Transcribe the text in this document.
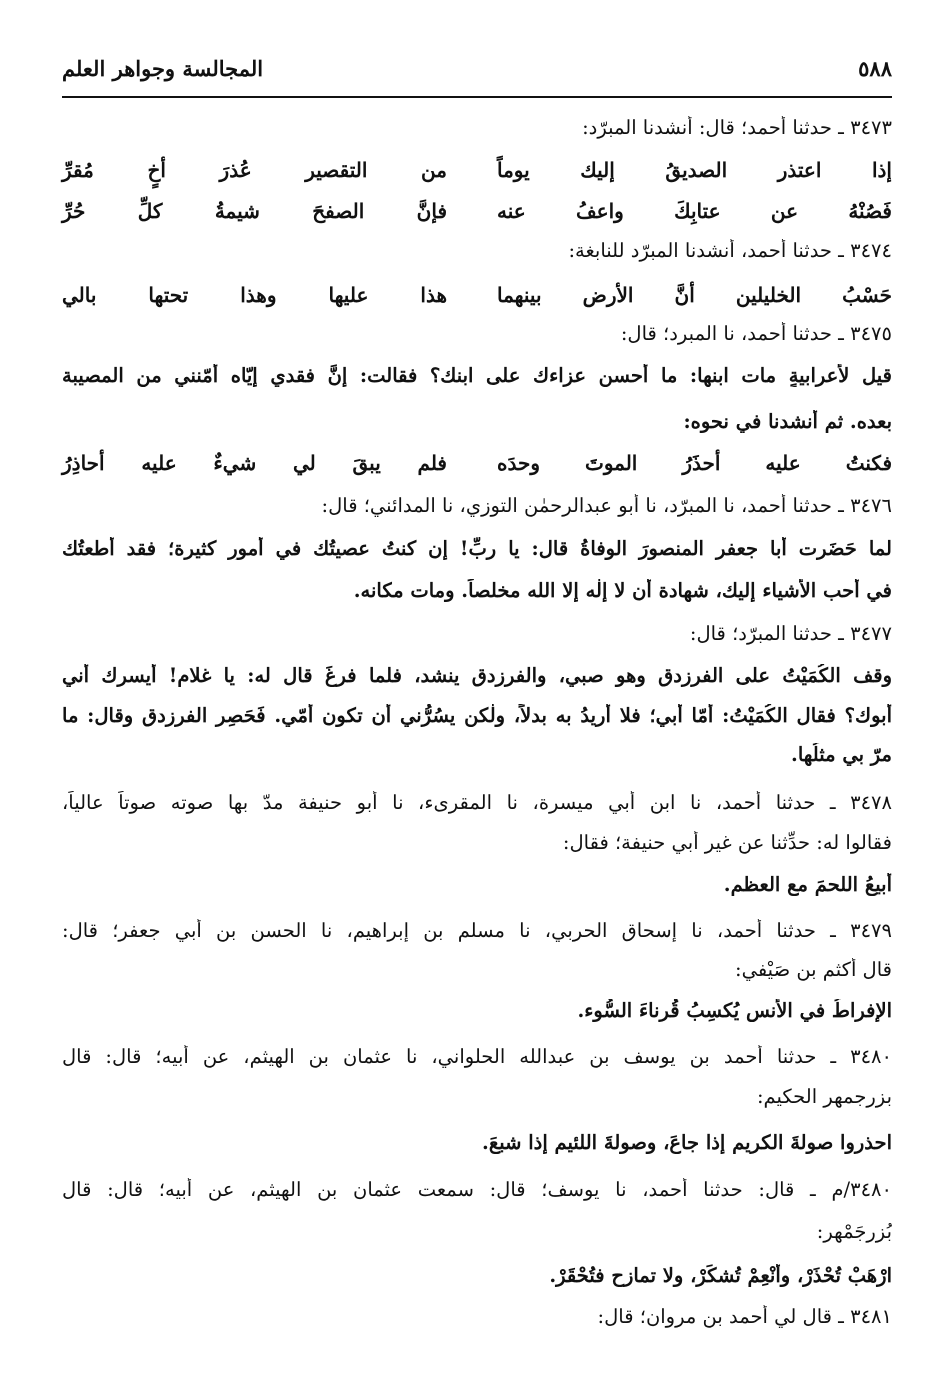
المجالسة وجواهر العلم	٥٨٨
٣٤٧٣ ـ حدثنا أحمد؛ قال: أنشدنا المبرّد:
إذا اعتذر الصديقُ إليك يوماً
من التقصير عُذرَ أخٍ مُقرِّ
فَصُنْهُ عن عتابِكَ واعفُ عنه
فإنَّ الصفحَ شيمةُ كلِّ حُرِّ
٣٤٧٤ ـ حدثنا أحمد، أنشدنا المبرّد للنابغة:
حَسْبُ الخليلين أنَّ الأرض بينهما
هذا عليها وهذا تحتها بالي
٣٤٧٥ ـ حدثنا أحمد، نا المبرد؛ قال:
قيل لأعرابيةٍ مات ابنها: ما أحسن عزاءك على ابنك؟ فقالت: إنَّ فقدي إيّاه أمّنني من المصيبة
بعده. ثم أنشدنا في نحوه:
فكنتُ عليه أحذَرُ الموتَ وحدَه
فلم يبقَ لي شيءٌ عليه أحاذِرُ
٣٤٧٦ ـ حدثنا أحمد، نا المبرّد، نا أبو عبدالرحمٰن التوزي، نا المدائني؛ قال:
لما حَضَرت أبا جعفر المنصورَ الوفاةُ قال: يا ربِّ! إن كنتُ عصيتُك في أمورٍ كثيرة؛ فقد أطعتُك
في أحب الأشياء إليك، شهادة أن لا إلٰه إلا الله مخلصاً. ومات مكانه.
٣٤٧٧ ـ حدثنا المبرّد؛ قال:
وقف الكُمَيْتُ على الفرزدق وهو صبي، والفرزدق ينشد، فلما فرغَ قال له: يا غلام! أيسرك أني
أبوك؟ فقال الكُمَيْتُ: أمّا أبي؛ فلا أريدُ به بدلاً، ولٰكن يسُرُّني أن تكون أمّي. فَحَصِر الفرزدق وقال: ما
مرّ بي مثلُها.
٣٤٧٨ ـ حدثنا أحمد، نا ابن أبي ميسرة، نا المقرىء، نا أبو حنيفة مدّ بها صوته صوتاً عالياً،
فقالوا له: حدِّثنا عن غير أبي حنيفة؛ فقال:
أبيعُ اللحمَ مع العظم.
٣٤٧٩ ـ حدثنا أحمد، نا إسحاق الحربي، نا مسلم بن إبراهيم، نا الحسن بن أبي جعفر؛ قال:
قال أكثم بن صَيْفي:
الإفراطُ في الأنس يُكسِبُ قُرناءَ السُّوء.
٣٤٨٠ ـ حدثنا أحمد بن يوسف بن عبدالله الحلواني، نا عثمان بن الهيثم، عن أبيه؛ قال: قال
بزرجمهر الحكيم:
احذروا صولةَ الكريم إذا جاعَ، وصولةَ اللئيم إذا شبعَ.
٣٤٨٠/م ـ قال: حدثنا أحمد، نا يوسف؛ قال: سمعت عثمان بن الهيثم، عن أبيه؛ قال: قال
بُزرجَمْهر:
ارْهَبْ تُحْذَرْ، وأنْعِمْ تُشكَرْ، ولا تمازِح فتُحْقَرْ.
٣٤٨١ ـ قال لي أحمد بن مروان؛ قال:
